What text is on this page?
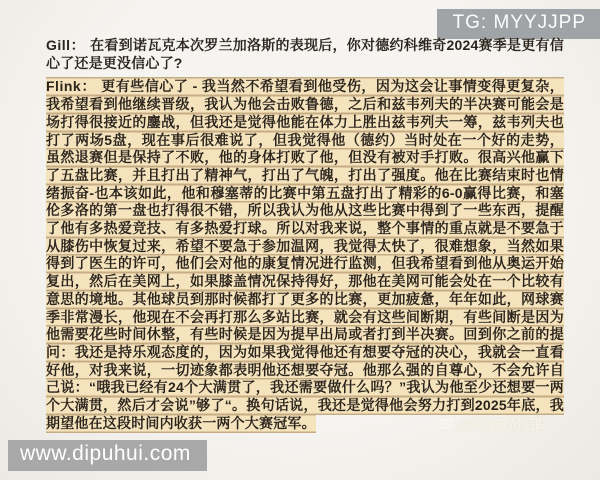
TG: MYYJJPP

Gill： 在看到诺瓦克本次罗兰加洛斯的表现后，你对德约科维奇2024赛季是更有信心了还是更没信心了?

Flink： 更有些信心了 - 我当然不希望看到他受伤，因为这会让事情变得更复杂，我希望看到他继续晋级，我认为他会击败鲁德，之后和兹韦列夫的半决赛可能会是场打得很接近的鏖战，但我还是觉得他能在体力上胜出兹韦列夫一筹，兹韦列夫也打了两场5盘，现在事后很难说了，但我觉得他（德约）当时处在一个好的走势，虽然退赛但是保持了不败，他的身体打败了他，但没有被对手打败。很高兴他赢下了五盘比赛，并且打出了精神气，打出了气魄，打出了强度。他在比赛结束时也情绪振奋-也本该如此，他和穆塞蒂的比赛中第五盘打出了精彩的6-0赢得比赛，和塞伦多洛的第一盘也打得很不错，所以我认为他从这些比赛中得到了一些东西，提醒了他有多热爱竞技、有多热爱打球。所以对我来说，整个事情的重点就是不要急于从膝伤中恢复过来，希望不要急于参加温网，我觉得太快了，很难想象，当然如果得到了医生的许可，他们会对他的康复情况进行监测，但我希望看到他从奥运开始复出，然后在美网上，如果膝盖情况保持得好，那他在美网可能会处在一个比较有意思的境地。其他球员到那时候都打了更多的比赛，更加疲惫，年年如此，网球赛季非常漫长，他现在不会再打那么多站比赛，就会有这些间断期，有些间断是因为他需要花些时间休整，有些时候是因为提早出局或者打到半决赛。回到你之前的提问：我还是持乐观态度的，因为如果我觉得他还有想要夺冠的决心，我就会一直看好他，对我来说，一切迹象都表明他还想要夺冠。他那么强的自尊心，不会允许自己说：“哦我已经有24个大满贯了，我还需要做什么吗？”我认为他至少还想要一两个大满贯，然后才会说”够了“。换句话说，我还是觉得他会努力打到2025年底，我期望他在这段时间内收获一两个大赛冠军。	@网球球员追踪
www.dipuhui.com
